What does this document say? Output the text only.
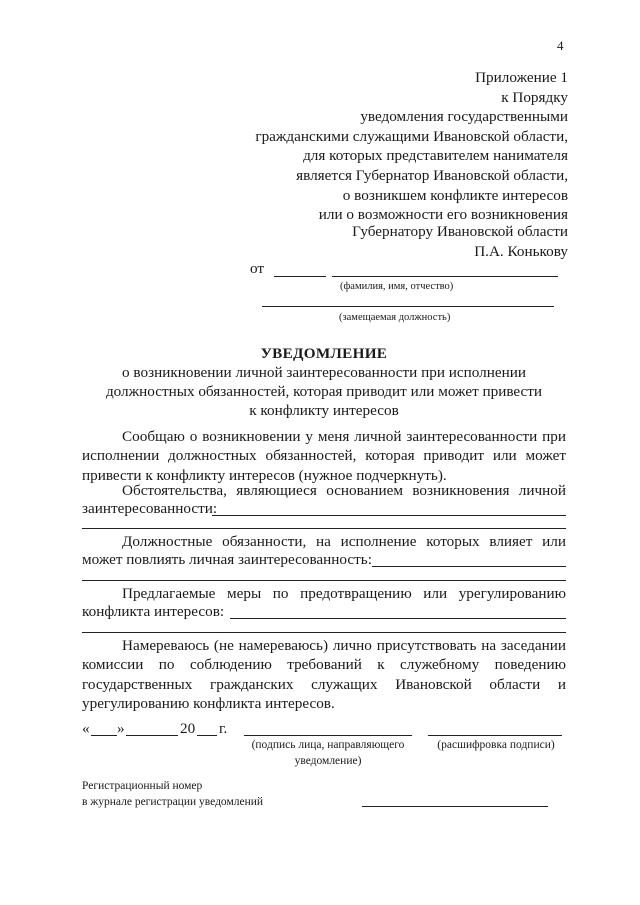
4
Приложение 1
к Порядку
уведомления государственными
гражданскими служащими Ивановской области,
для которых представителем нанимателя
является Губернатор Ивановской области,
о возникшем конфликте интересов
или о возможности его возникновения
Губернатору Ивановской области
П.А. Конькову
от
(фамилия, имя, отчество)
(замещаемая должность)
УВЕДОМЛЕНИЕ
о возникновении личной заинтересованности при исполнении
должностных обязанностей, которая приводит или может привести
к конфликту интересов
Сообщаю о возникновении у меня личной заинтересованности при исполнении должностных обязанностей, которая приводит или может привести к конфликту интересов (нужное подчеркнуть).
Обстоятельства, являющиеся основанием возникновения личной
заинтересованности:
Должностные обязанности, на исполнение которых влияет или
может повлиять личная заинтересованность:
Предлагаемые меры по предотвращению или урегулированию
конфликта интересов:
Намереваюсь (не намереваюсь) лично присутствовать на заседании комиссии по соблюдению требований к служебному поведению государственных гражданских служащих Ивановской области и урегулированию конфликта интересов.
« »	20 г.
(подпись лица, направляющего
уведомление)
(расшифровка подписи)
Регистрационный номер
в журнале регистрации уведомлений
